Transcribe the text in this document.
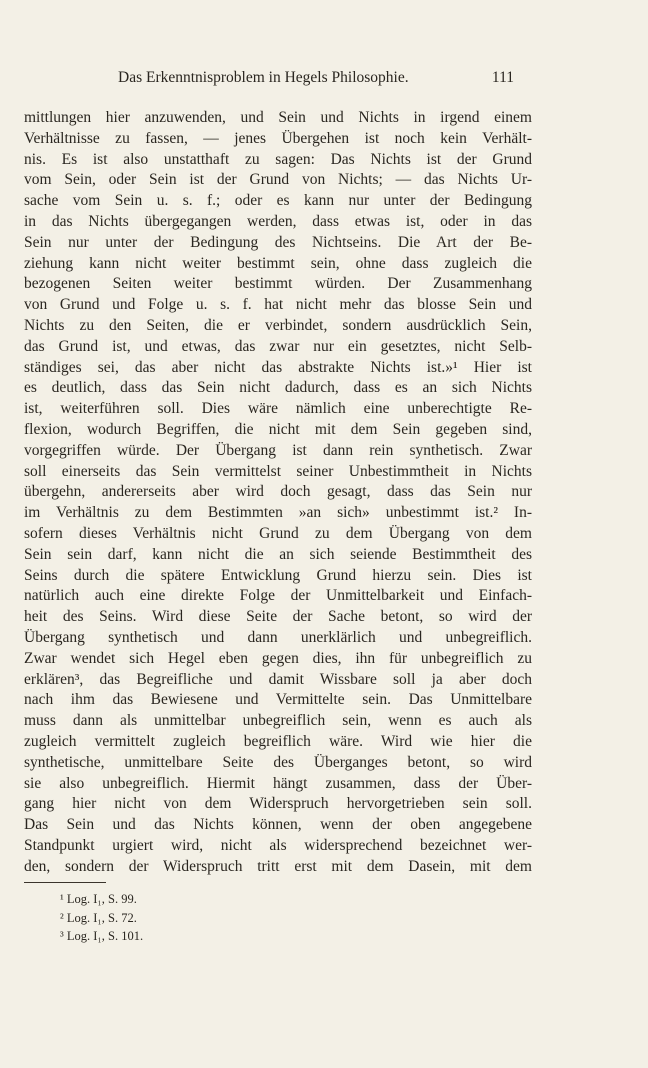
Das Erkenntnisproblem in Hegels Philosophie.	111
mittlungen hier anzuwenden, und Sein und Nichts in irgend einem
Verhältnisse zu fassen, — jenes Übergehen ist noch kein Verhält-
nis. Es ist also unstatthaft zu sagen: Das Nichts ist der Grund
vom Sein, oder Sein ist der Grund von Nichts; — das Nichts Ur-
sache vom Sein u. s. f.; oder es kann nur unter der Bedingung
in das Nichts übergegangen werden, dass etwas ist, oder in das
Sein nur unter der Bedingung des Nichtseins. Die Art der Be-
ziehung kann nicht weiter bestimmt sein, ohne dass zugleich die
bezogenen Seiten weiter bestimmt würden. Der Zusammenhang
von Grund und Folge u. s. f. hat nicht mehr das blosse Sein und
Nichts zu den Seiten, die er verbindet, sondern ausdrücklich Sein,
das Grund ist, und etwas, das zwar nur ein gesetztes, nicht Selb-
ständiges sei, das aber nicht das abstrakte Nichts ist.»¹ Hier ist
es deutlich, dass das Sein nicht dadurch, dass es an sich Nichts
ist, weiterführen soll. Dies wäre nämlich eine unberechtigte Re-
flexion, wodurch Begriffen, die nicht mit dem Sein gegeben sind,
vorgegriffen würde. Der Übergang ist dann rein synthetisch. Zwar
soll einerseits das Sein vermittelst seiner Unbestimmtheit in Nichts
übergehn, andererseits aber wird doch gesagt, dass das Sein nur
im Verhältnis zu dem Bestimmten »an sich» unbestimmt ist.² In-
sofern dieses Verhältnis nicht Grund zu dem Übergang von dem
Sein sein darf, kann nicht die an sich seiende Bestimmtheit des
Seins durch die spätere Entwicklung Grund hierzu sein. Dies ist
natürlich auch eine direkte Folge der Unmittelbarkeit und Einfach-
heit des Seins. Wird diese Seite der Sache betont, so wird der
Übergang synthetisch und dann unerklärlich und unbegreiflich.
Zwar wendet sich Hegel eben gegen dies, ihn für unbegreiflich zu
erklären³, das Begreifliche und damit Wissbare soll ja aber doch
nach ihm das Bewiesene und Vermittelte sein. Das Unmittelbare
muss dann als unmittelbar unbegreiflich sein, wenn es auch als
zugleich vermittelt zugleich begreiflich wäre. Wird wie hier die
synthetische, unmittelbare Seite des Überganges betont, so wird
sie also unbegreiflich. Hiermit hängt zusammen, dass der Über-
gang hier nicht von dem Widerspruch hervorgetrieben sein soll.
Das Sein und das Nichts können, wenn der oben angegebene
Standpunkt urgiert wird, nicht als widersprechend bezeichnet wer-
den, sondern der Widerspruch tritt erst mit dem Dasein, mit dem
¹ Log. I₁, S. 99.
² Log. I₁, S. 72.
³ Log. I₁, S. 101.
